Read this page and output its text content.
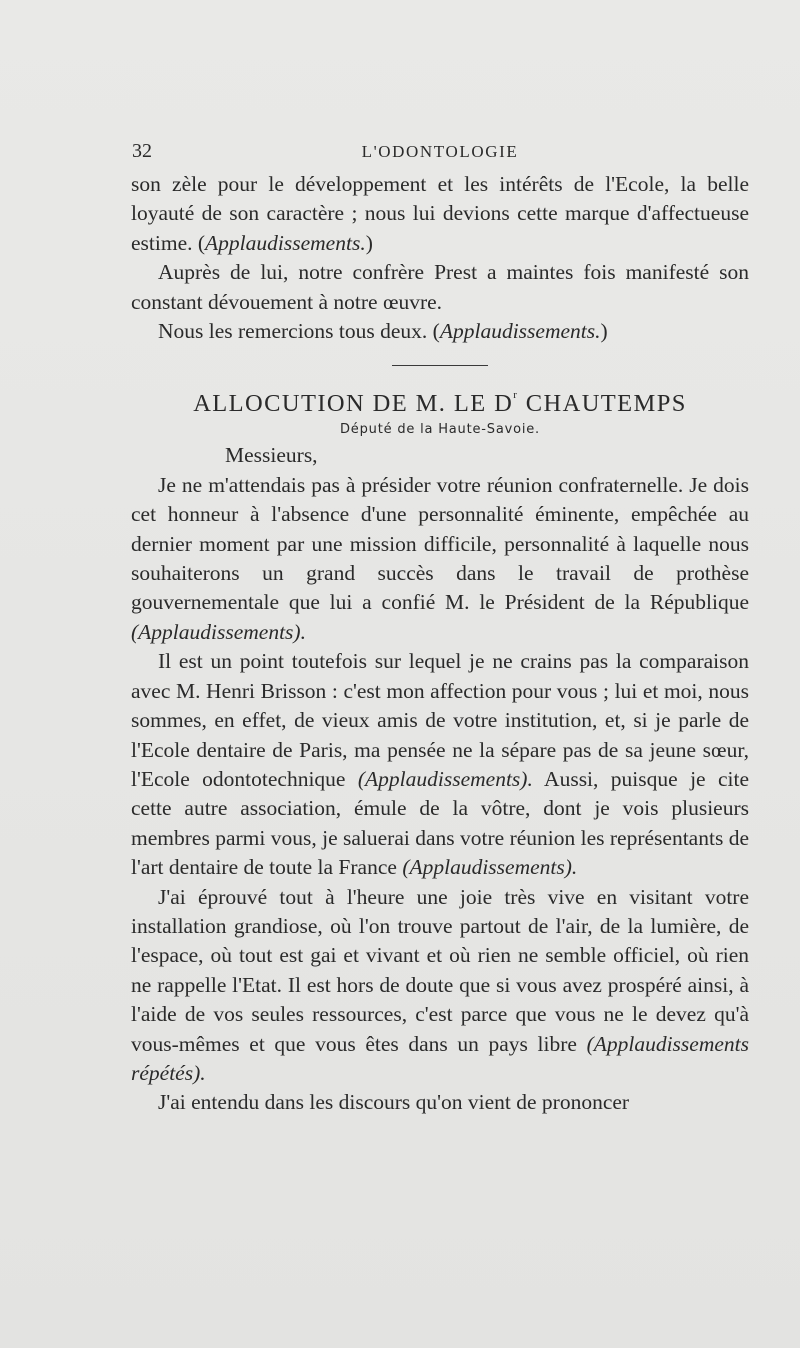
32	L'ODONTOLOGIE

son zèle pour le développement et les intérêts de l'Ecole, la belle loyauté de son caractère ; nous lui devions cette marque d'affectueuse estime. (Applaudissements.)

Auprès de lui, notre confrère Prest a maintes fois manifesté son constant dévouement à notre œuvre.

Nous les remercions tous deux. (Applaudissements.)

ALLOCUTION DE M. LE $D^r$ CHAUTEMPS

Député de la Haute-Savoie.

Messieurs,

Je ne m'attendais pas à présider votre réunion confraternelle. Je dois cet honneur à l'absence d'une personnalité éminente, empêchée au dernier moment par une mission difficile, personnalité à laquelle nous souhaiterons un grand succès dans le travail de prothèse gouvernementale que lui a confié M. le Président de la République (Applaudissements).

Il est un point toutefois sur lequel je ne crains pas la comparaison avec M. Henri Brisson : c'est mon affection pour vous ; lui et moi, nous sommes, en effet, de vieux amis de votre institution, et, si je parle de l'Ecole dentaire de Paris, ma pensée ne la sépare pas de sa jeune sœur, l'Ecole odontotechnique (Applaudissements). Aussi, puisque je cite cette autre association, émule de la vôtre, dont je vois plusieurs membres parmi vous, je saluerai dans votre réunion les représentants de l'art dentaire de toute la France (Applaudissements).

J'ai éprouvé tout à l'heure une joie très vive en visitant votre installation grandiose, où l'on trouve partout de l'air, de la lumière, de l'espace, où tout est gai et vivant et où rien ne semble officiel, où rien ne rappelle l'Etat. Il est hors de doute que si vous avez prospéré ainsi, à l'aide de vos seules ressources, c'est parce que vous ne le devez qu'à vous-mêmes et que vous êtes dans un pays libre (Applaudissements répétés).

J'ai entendu dans les discours qu'on vient de prononcer
